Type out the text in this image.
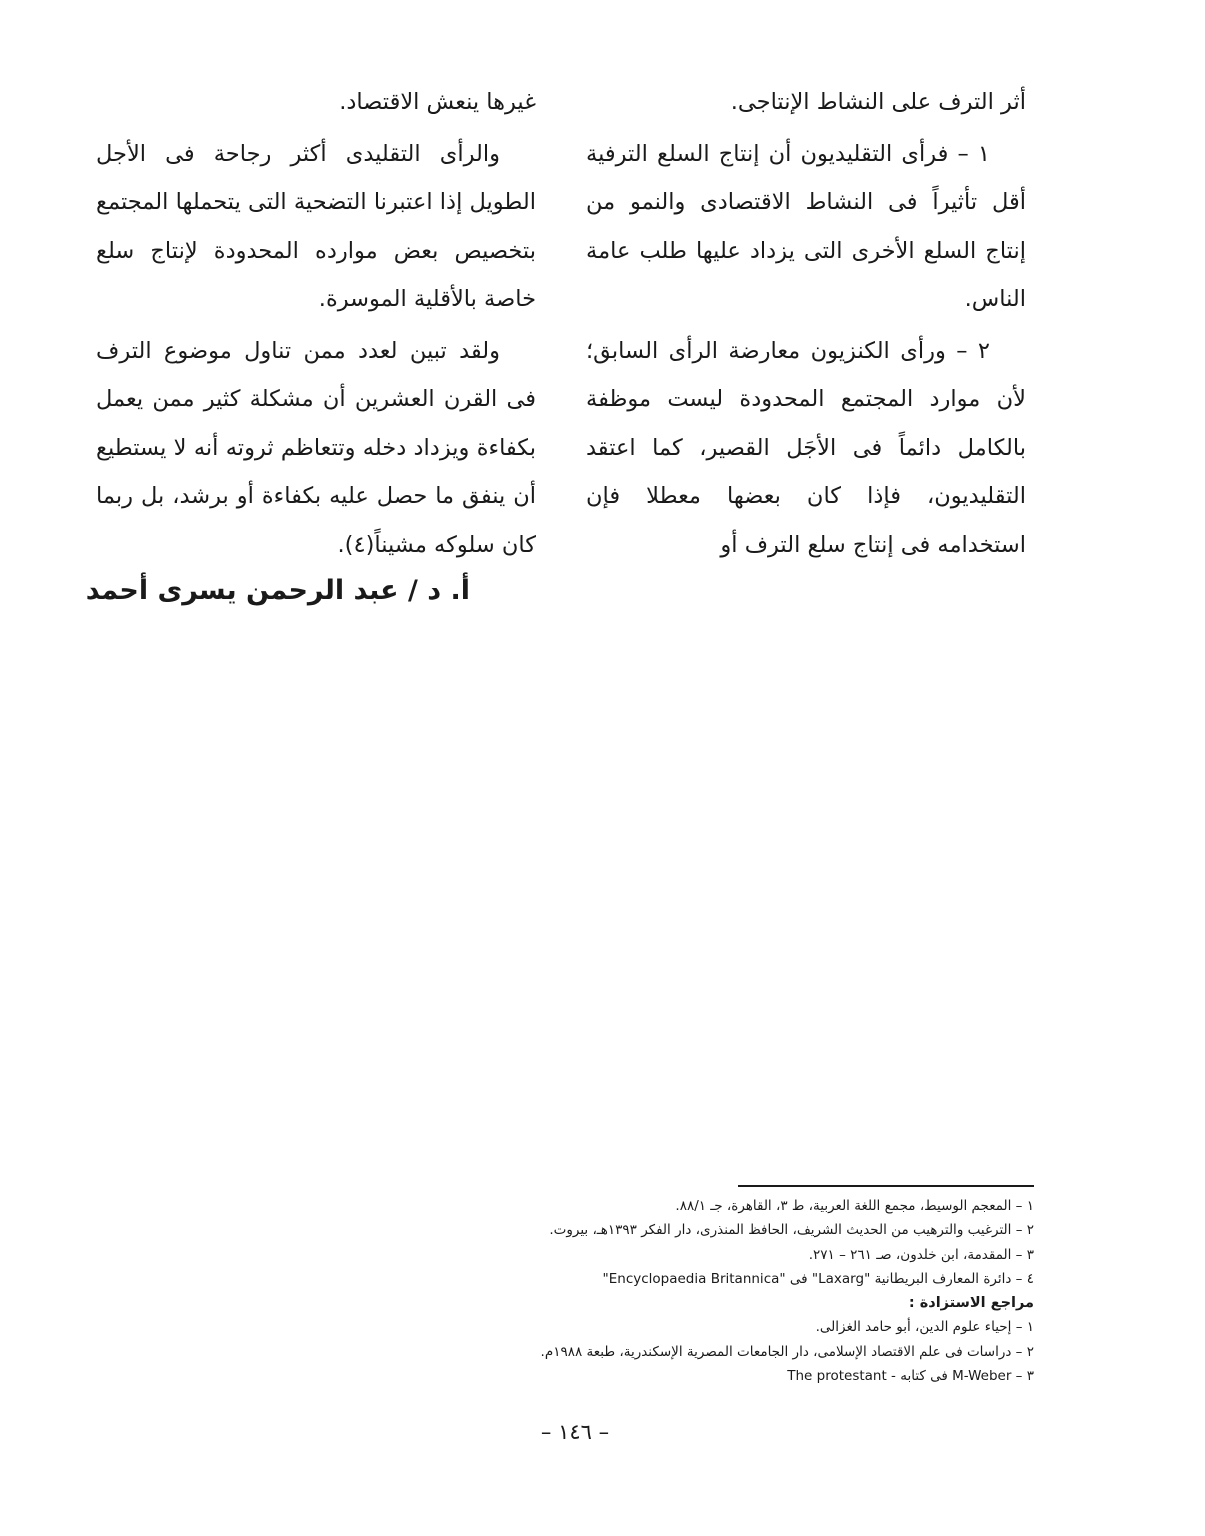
أثر الترف على النشاط الإنتاجى.

١ – فرأى التقليديون أن إنتاج السلع الترفية أقل تأثيراً فى النشاط الاقتصادى والنمو من إنتاج السلع الأخرى التى يزداد عليها طلب عامة الناس.

٢ – ورأى الكنزيون معارضة الرأى السابق؛ لأن موارد المجتمع المحدودة ليست موظفة بالكامل دائماً فى الأجَل القصير، كما اعتقد التقليديون، فإذا كان بعضها معطلا فإن استخدامه فى إنتاج سلع الترف أو

غيرها ينعش الاقتصاد.

والرأى التقليدى أكثر رجاحة فى الأجل الطويل إذا اعتبرنا التضحية التى يتحملها المجتمع بتخصيص بعض موارده المحدودة لإنتاج سلع خاصة بالأقلية الموسرة.

ولقد تبين لعدد ممن تناول موضوع الترف فى القرن العشرين أن مشكلة كثير ممن يعمل بكفاءة ويزداد دخله وتتعاظم ثروته أنه لا يستطيع أن ينفق ما حصل عليه بكفاءة أو برشد، بل ربما كان سلوكه مشيناً(٤).

أ. د / عبد الرحمن يسرى أحمد
١ – المعجم الوسيط، مجمع اللغة العربية، ط ٣، القاهرة، جـ ٨٨/١.
٢ – الترغيب والترهيب من الحديث الشريف، الحافظ المنذرى، دار الفكر ١٣٩٣هـ، بيروت.
٣ – المقدمة، ابن خلدون، صـ ٢٦١ – ٢٧١.
٤ – دائرة المعارف البريطانية "Laxarg" فى "Encyclopaedia Britannica"
مراجع الاستزادة :
١ – إحياء علوم الدين، أبو حامد الغزالى.
٢ – دراسات فى علم الاقتصاد الإسلامى، دار الجامعات المصرية الإسكندرية، طبعة ١٩٨٨م.
٣ – M-Weber فى كتابه - The protestant
– ١٤٦ –
